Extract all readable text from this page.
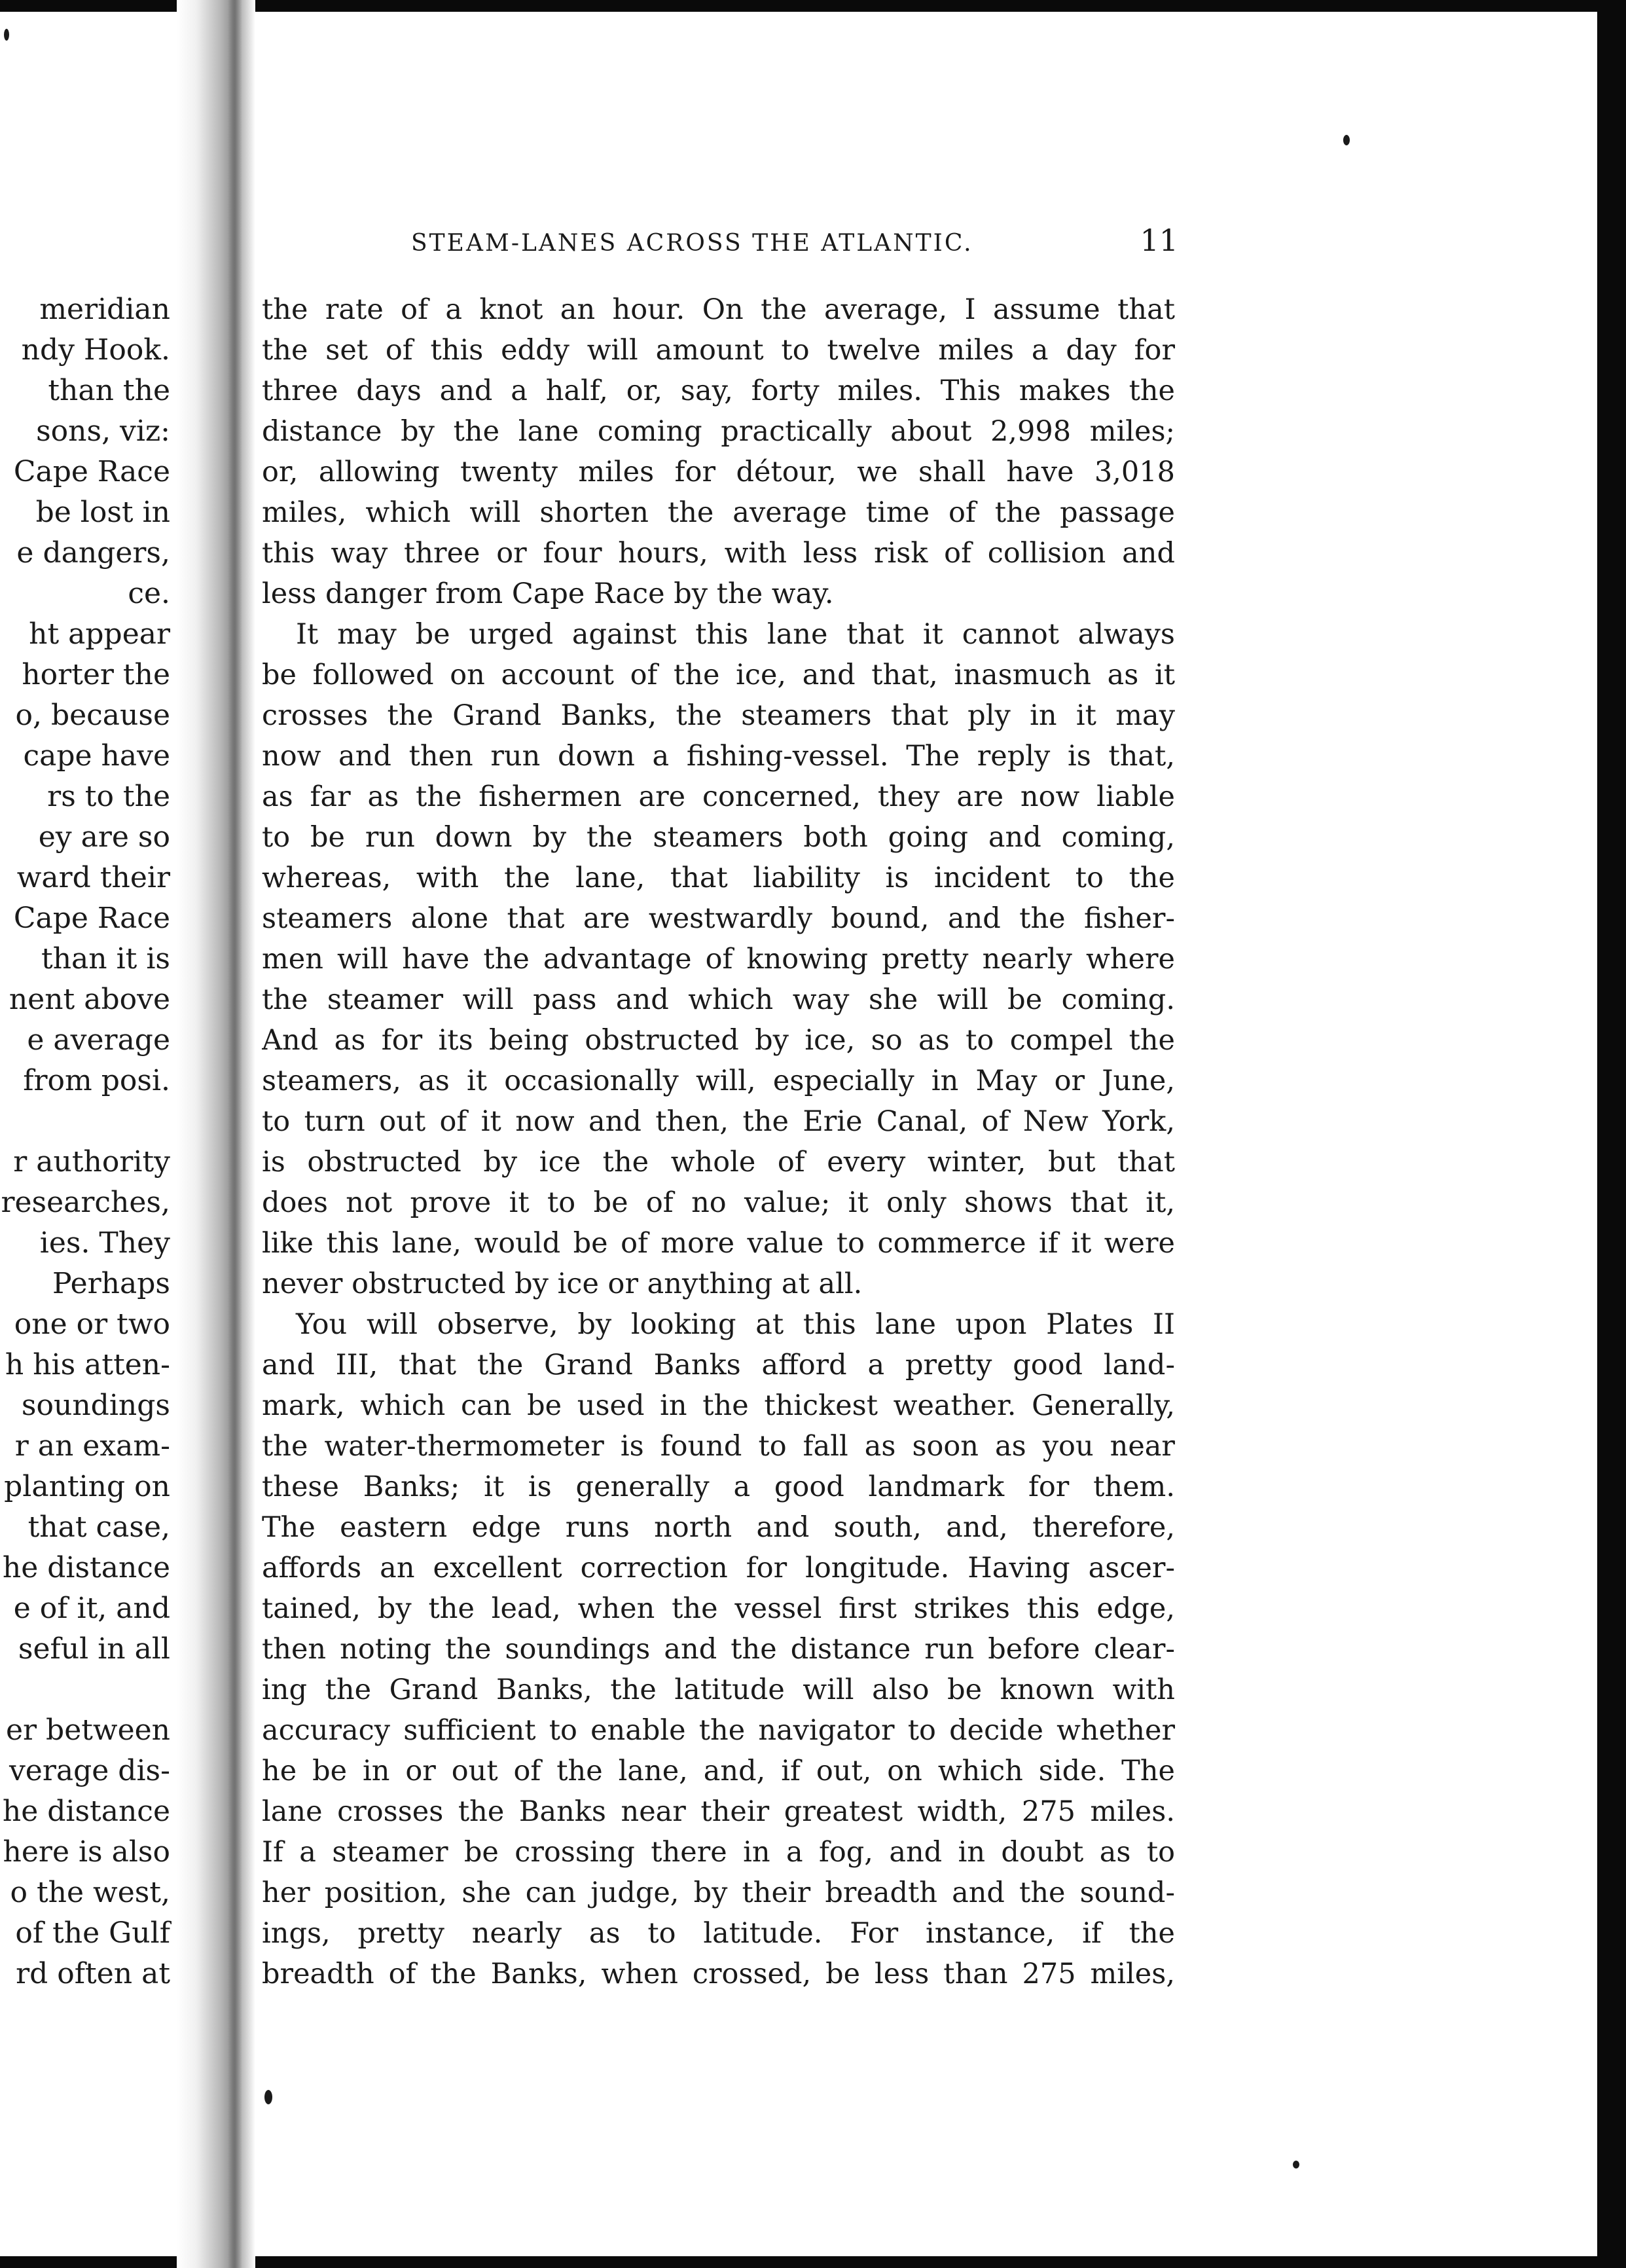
meridian
ndy Hook.
than the
sons, viz:
Cape Race
be lost in
e dangers,
ce.
ht appear
horter the
o, because
cape have
rs to the
ey are so
ward their
Cape Race
than it is
nent above
e average
from posi.
r authority
researches,
ies. They
Perhaps
one or two
h his atten-
soundings
r an exam-
planting on
that case,
he distance
e of it, and
seful in all
er between
verage dis-
he distance
here is also
o the west,
of the Gulf
rd often at
STEAM-LANES ACROSS THE ATLANTIC.	11
the rate of a knot an hour. On the average, I assume that
the set of this eddy will amount to twelve miles a day for
three days and a half, or, say, forty miles. This makes the
distance by the lane coming practically about 2,998 miles;
or, allowing twenty miles for détour, we shall have 3,018
miles, which will shorten the average time of the passage
this way three or four hours, with less risk of collision and
less danger from Cape Race by the way.
It may be urged against this lane that it cannot always
be followed on account of the ice, and that, inasmuch as it
crosses the Grand Banks, the steamers that ply in it may
now and then run down a fishing-vessel. The reply is that,
as far as the fishermen are concerned, they are now liable
to be run down by the steamers both going and coming,
whereas, with the lane, that liability is incident to the
steamers alone that are westwardly bound, and the fisher-
men will have the advantage of knowing pretty nearly where
the steamer will pass and which way she will be coming.
And as for its being obstructed by ice, so as to compel the
steamers, as it occasionally will, especially in May or June,
to turn out of it now and then, the Erie Canal, of New York,
is obstructed by ice the whole of every winter, but that
does not prove it to be of no value; it only shows that it,
like this lane, would be of more value to commerce if it were
never obstructed by ice or anything at all.
You will observe, by looking at this lane upon Plates II
and III, that the Grand Banks afford a pretty good land-
mark, which can be used in the thickest weather. Generally,
the water-thermometer is found to fall as soon as you near
these Banks; it is generally a good landmark for them.
The eastern edge runs north and south, and, therefore,
affords an excellent correction for longitude. Having ascer-
tained, by the lead, when the vessel first strikes this edge,
then noting the soundings and the distance run before clear-
ing the Grand Banks, the latitude will also be known with
accuracy sufficient to enable the navigator to decide whether
he be in or out of the lane, and, if out, on which side. The
lane crosses the Banks near their greatest width, 275 miles.
If a steamer be crossing there in a fog, and in doubt as to
her position, she can judge, by their breadth and the sound-
ings, pretty nearly as to latitude. For instance, if the
breadth of the Banks, when crossed, be less than 275 miles,
